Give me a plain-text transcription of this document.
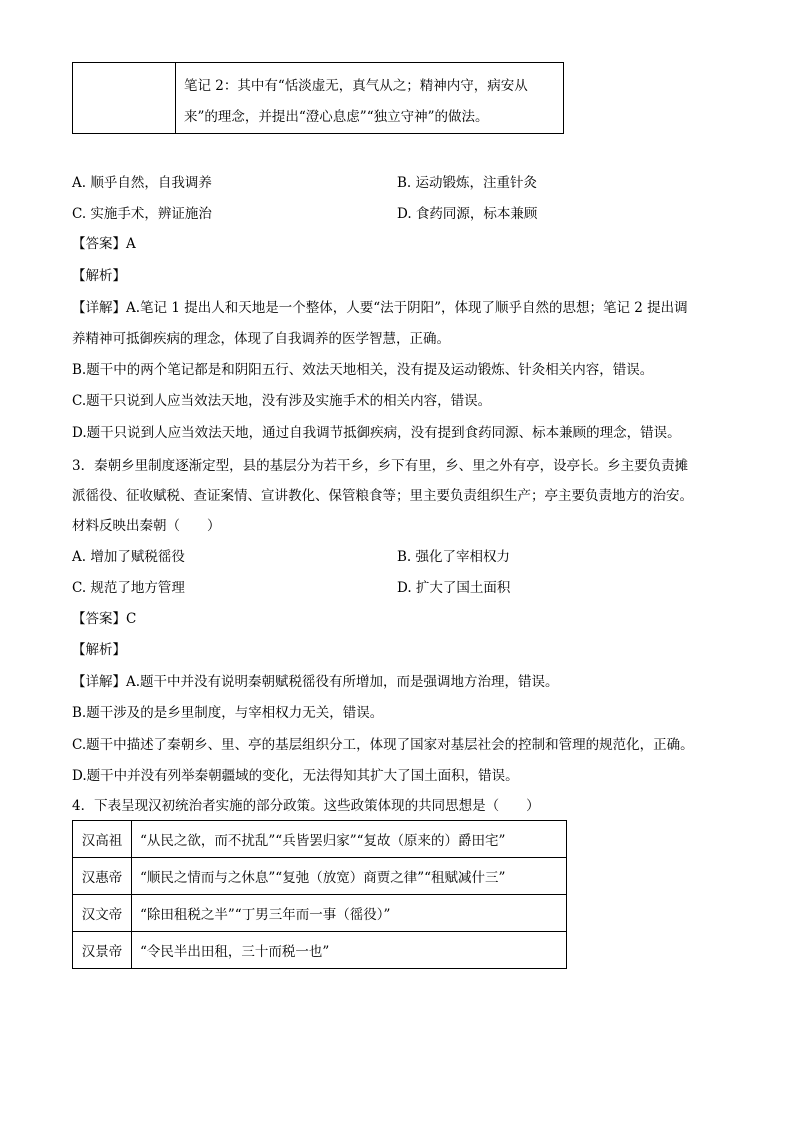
笔记 2：其中有“恬淡虚无，真气从之；精神内守，病安从
来”的理念，并提出“澄心息虑”“独立守神”的做法。
A. 顺乎自然，自我调养	B. 运动锻炼，注重针灸
C. 实施手术，辨证施治	D. 食药同源，标本兼顾
【答案】A
【解析】
【详解】A.笔记 1 提出人和天地是一个整体，人要“法于阴阳”，体现了顺乎自然的思想；笔记 2 提出调
养精神可抵御疾病的理念，体现了自我调养的医学智慧，正确。
B.题干中的两个笔记都是和阴阳五行、效法天地相关，没有提及运动锻炼、针灸相关内容，错误。
C.题干只说到人应当效法天地，没有涉及实施手术的相关内容，错误。
D.题干只说到人应当效法天地，通过自我调节抵御疾病，没有提到食药同源、标本兼顾的理念，错误。
3．秦朝乡里制度逐渐定型，县的基层分为若干乡，乡下有里，乡、里之外有亭，设亭长。乡主要负责摊
派徭役、征收赋税、查证案情、宣讲教化、保管粮食等；里主要负责组织生产；亭主要负责地方的治安。
材料反映出秦朝（　　）
A. 增加了赋税徭役	B. 强化了宰相权力
C. 规范了地方管理	D. 扩大了国土面积
【答案】C
【解析】
【详解】A.题干中并没有说明秦朝赋税徭役有所增加，而是强调地方治理，错误。
B.题干涉及的是乡里制度，与宰相权力无关，错误。
C.题干中描述了秦朝乡、里、亭的基层组织分工，体现了国家对基层社会的控制和管理的规范化，正确。
D.题干中并没有列举秦朝疆域的变化，无法得知其扩大了国土面积，错误。
4．下表呈现汉初统治者实施的部分政策。这些政策体现的共同思想是（　　）
汉高祖	“从民之欲，而不扰乱”“兵皆罢归家”“复故（原来的）爵田宅”
汉惠帝	“顺民之情而与之休息”“复弛（放宽）商贾之律”“租赋减什三”
汉文帝	“除田租税之半”“丁男三年而一事（徭役）”
汉景帝	“令民半出田租，三十而税一也”
